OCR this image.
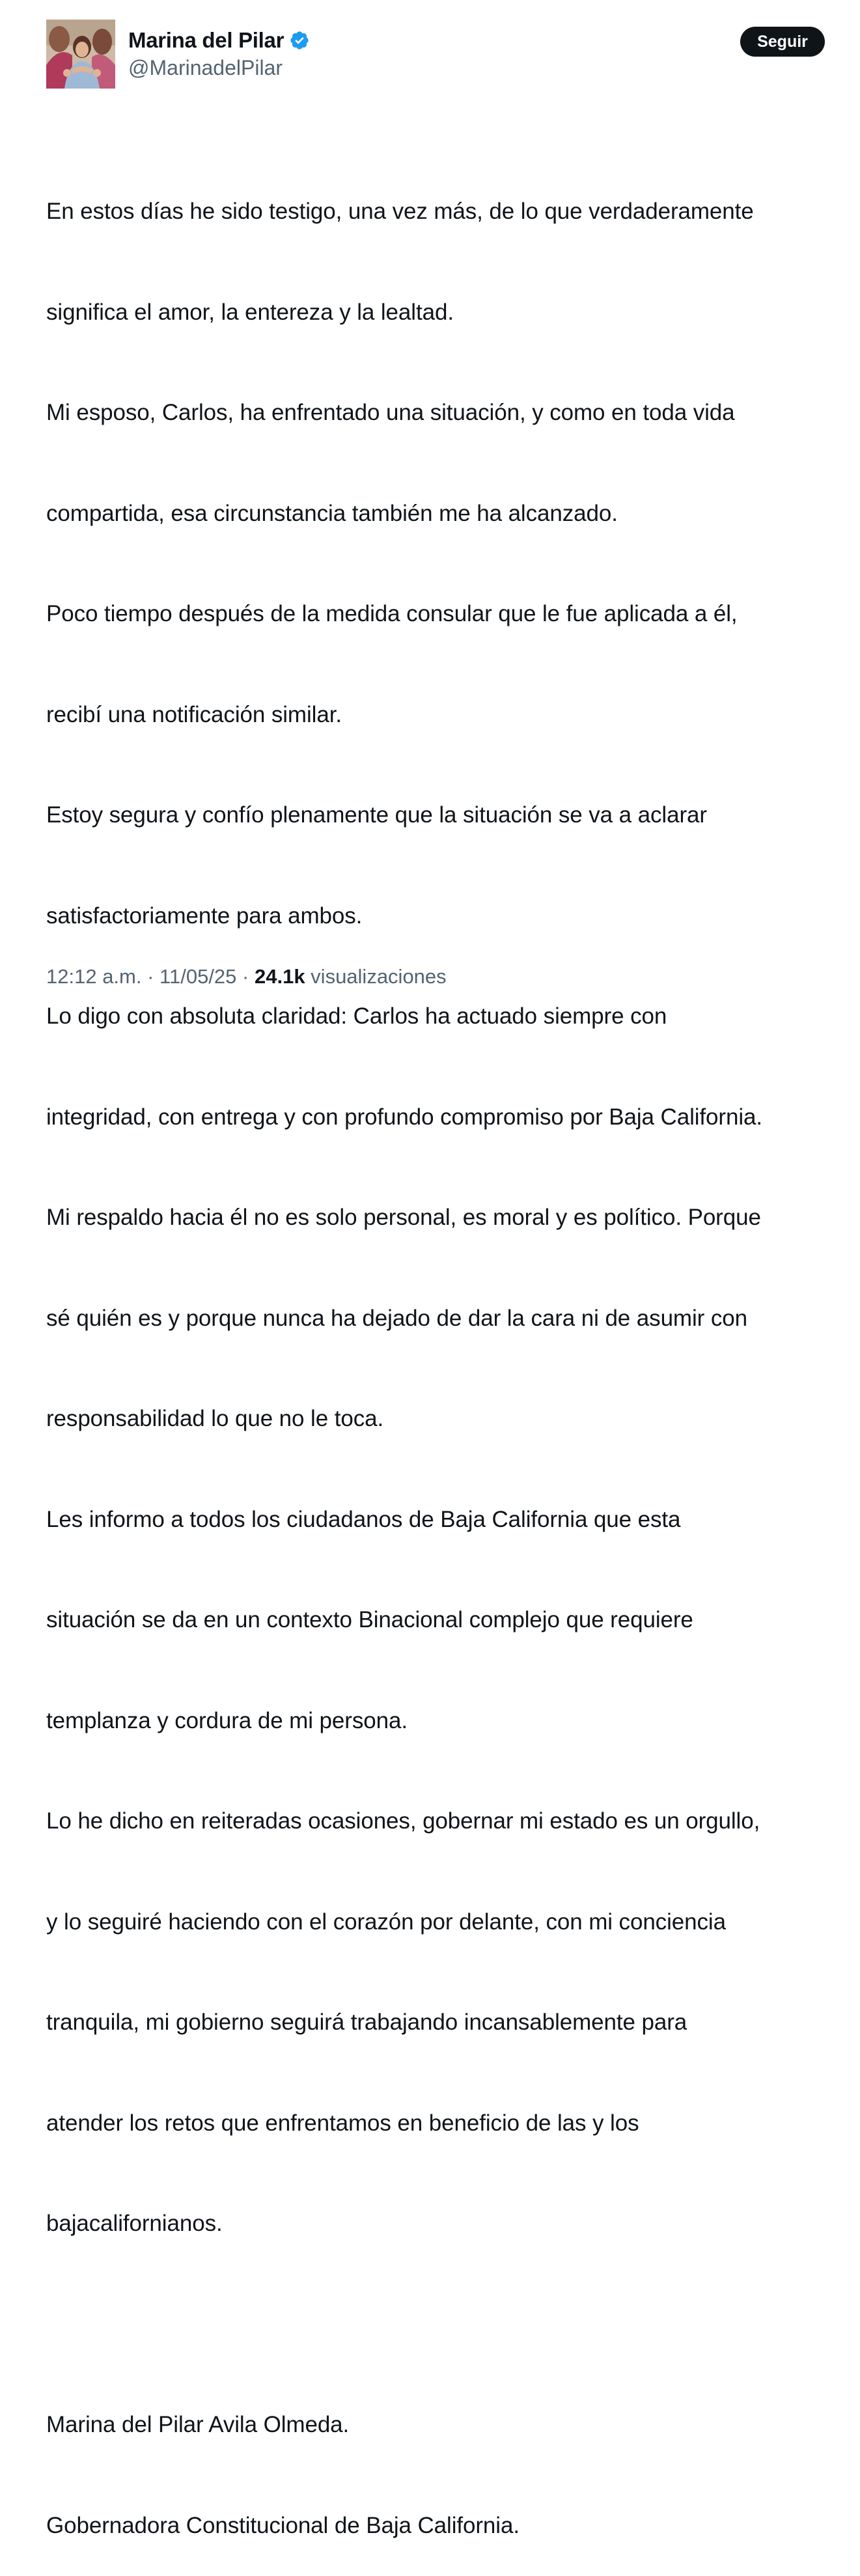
Marina del Pilar
@MarinadelPilar
Seguir

En estos días he sido testigo, una vez más, de lo que verdaderamente

significa el amor, la entereza y la lealtad.

Mi esposo, Carlos, ha enfrentado una situación, y como en toda vida

compartida, esa circunstancia también me ha alcanzado.

Poco tiempo después de la medida consular que le fue aplicada a él,

recibí una notificación similar.

Estoy segura y confío plenamente que la situación se va a aclarar

satisfactoriamente para ambos.

Lo digo con absoluta claridad: Carlos ha actuado siempre con

integridad, con entrega y con profundo compromiso por Baja California.

Mi respaldo hacia él no es solo personal, es moral y es político. Porque

sé quién es y porque nunca ha dejado de dar la cara ni de asumir con

responsabilidad lo que no le toca.

Les informo a todos los ciudadanos de Baja California que esta

situación se da en un contexto Binacional complejo que requiere

templanza y cordura de mi persona.

Lo he dicho en reiteradas ocasiones, gobernar mi estado es un orgullo,

y lo seguiré haciendo con el corazón por delante, con mi conciencia

tranquila, mi gobierno seguirá trabajando incansablemente para

atender los retos que enfrentamos en beneficio de las y los

bajacalifornianos.

Marina del Pilar Avila Olmeda.

Gobernadora Constitucional de Baja California.

12:12 a.m. · 11/05/25 · 24.1k visualizaciones
